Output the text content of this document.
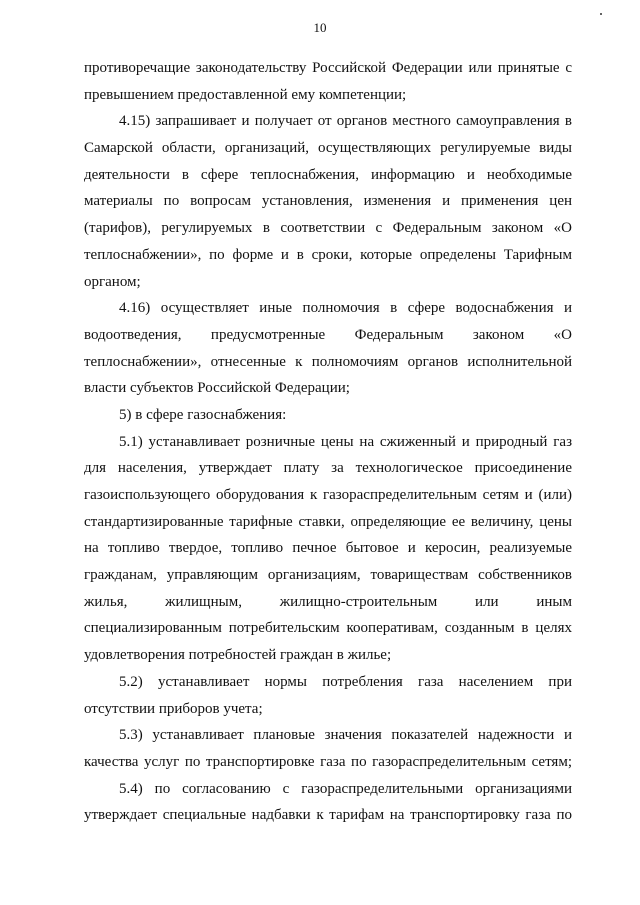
10
противоречащие законодательству Российской Федерации или принятые с
превышением предоставленной ему компетенции;
4.15) запрашивает и получает от органов местного самоуправления в
Самарской области, организаций, осуществляющих регулируемые виды
деятельности в сфере теплоснабжения, информацию и необходимые
материалы по вопросам установления, изменения и применения цен
(тарифов), регулируемых в соответствии с Федеральным законом «О
теплоснабжении», по форме и в сроки, которые определены Тарифным
органом;
4.16) осуществляет иные полномочия в сфере водоснабжения и
водоотведения, предусмотренные Федеральным законом «О
теплоснабжении», отнесенные к полномочиям органов исполнительной
власти субъектов Российской Федерации;
5) в сфере газоснабжения:
5.1) устанавливает розничные цены на сжиженный и природный газ
для населения, утверждает плату за технологическое присоединение
газоиспользующего оборудования к газораспределительным сетям и (или)
стандартизированные тарифные ставки, определяющие ее величину, цены
на топливо твердое, топливо печное бытовое и керосин, реализуемые
гражданам, управляющим организациям, товариществам собственников
жилья, жилищным, жилищно-строительным или иным
специализированным потребительским кооперативам, созданным в целях
удовлетворения потребностей граждан в жилье;
5.2) устанавливает нормы потребления газа населением при
отсутствии приборов учета;
5.3) устанавливает плановые значения показателей надежности и
качества услуг по транспортировке газа по газораспределительным сетям;
5.4) по согласованию с газораспределительными организациями
утверждает специальные надбавки к тарифам на транспортировку газа по
